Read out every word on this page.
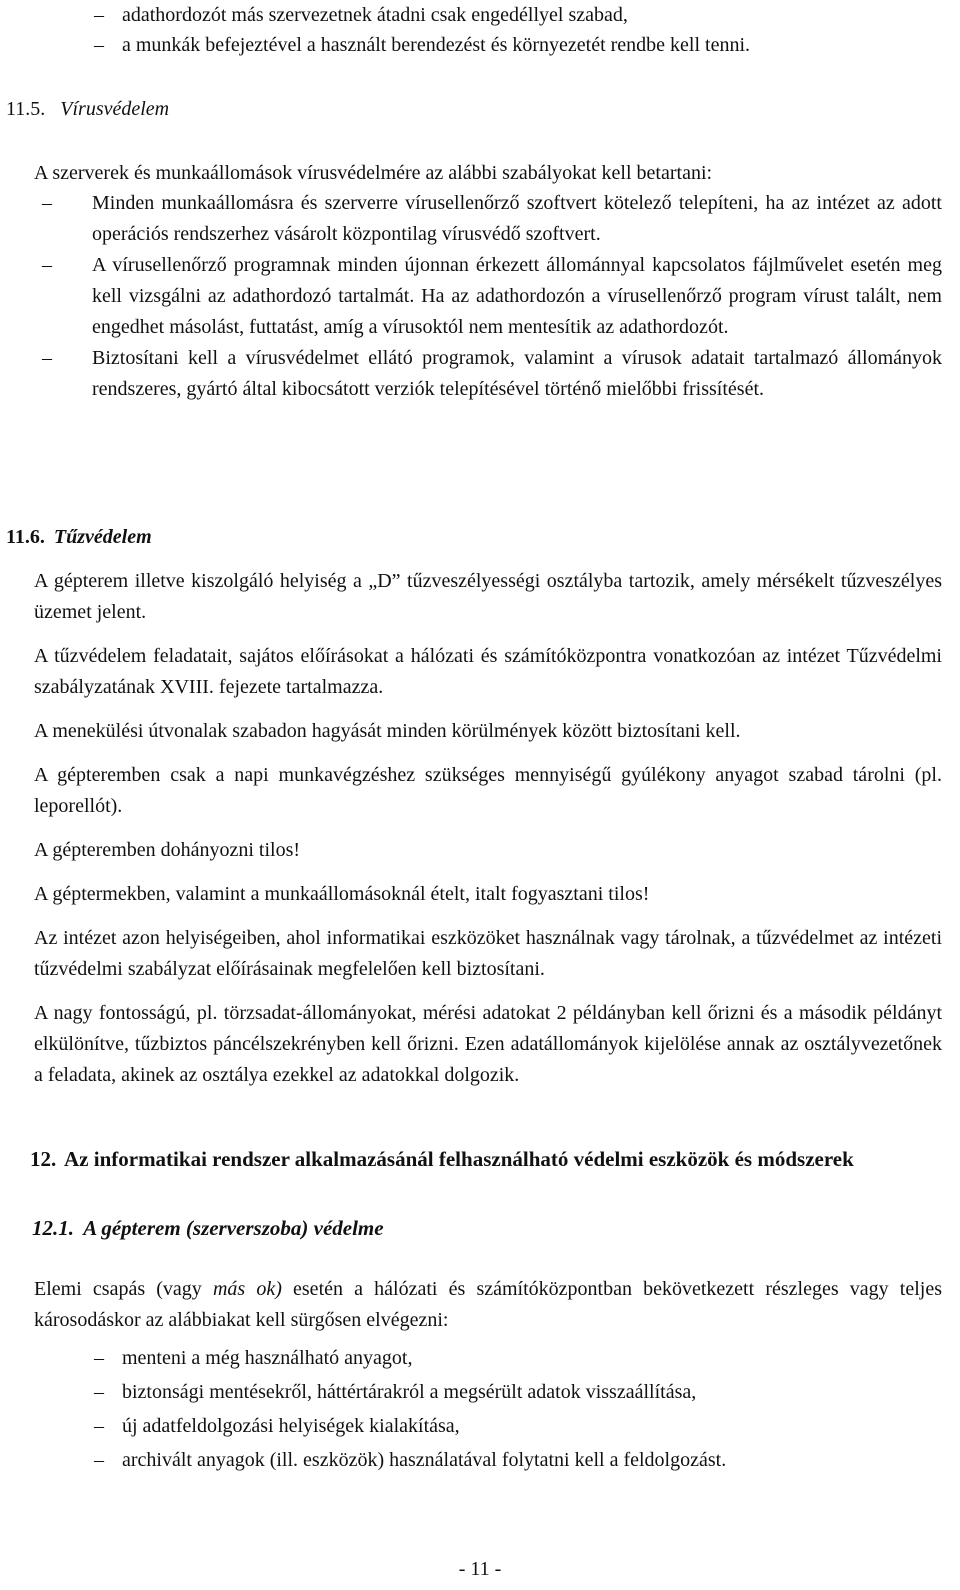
– adathordozót más szervezetnek átadni csak engedéllyel szabad,
– a munkák befejeztével a használt berendezést és környezetét rendbe kell tenni.
11.5. Vírusvédelem

A szerverek és munkaállomások vírusvédelmére az alábbi szabályokat kell betartani:

– Minden munkaállomásra és szerverre vírusellenőrző szoftvert kötelező telepíteni, ha az intézet az adott operációs rendszerhez vásárolt központilag vírusvédő szoftvert.
– A vírusellenőrző programnak minden újonnan érkezett állománnyal kapcsolatos fájlművelet esetén meg kell vizsgálni az adathordozó tartalmát. Ha az adathordozón a vírusellenőrző program vírust talált, nem engedhet másolást, futtatást, amíg a vírusoktól nem mentesítik az adathordozót.
– Biztosítani kell a vírusvédelmet ellátó programok, valamint a vírusok adatait tartalmazó állományok rendszeres, gyártó által kibocsátott verziók telepítésével történő mielőbbi frissítését.
11.6. Tűzvédelem

A gépterem illetve kiszolgáló helyiség a „D” tűzveszélyességi osztályba tartozik, amely mérsékelt tűzveszélyes üzemet jelent.

A tűzvédelem feladatait, sajátos előírásokat a hálózati és számítóközpontra vonatkozóan az intézet Tűzvédelmi szabályzatának XVIII. fejezete tartalmazza.

A menekülési útvonalak szabadon hagyását minden körülmények között biztosítani kell.

A gépteremben csak a napi munkavégzéshez szükséges mennyiségű gyúlékony anyagot szabad tárolni (pl. leporellót).

A gépteremben dohányozni tilos!

A géptermekben, valamint a munkaállomásoknál ételt, italt fogyasztani tilos!

Az intézet azon helyiségeiben, ahol informatikai eszközöket használnak vagy tárolnak, a tűzvédelmet az intézeti tűzvédelmi szabályzat előírásainak megfelelően kell biztosítani.

A nagy fontosságú, pl. törzsadat-állományokat, mérési adatokat 2 példányban kell őrizni és a második példányt elkülönítve, tűzbiztos páncélszekrényben kell őrizni. Ezen adatállományok kijelölése annak az osztályvezetőnek a feladata, akinek az osztálya ezekkel az adatokkal dolgozik.

12. Az informatikai rendszer alkalmazásánál felhasználható védelmi eszközök és módszerek
12.1. A gépterem (szerverszoba) védelme

Elemi csapás (vagy más ok) esetén a hálózati és számítóközpontban bekövetkezett részleges vagy teljes károsodáskor az alábbiakat kell sürgősen elvégezni:

– menteni a még használható anyagot,
– biztonsági mentésekről, háttértárakról a megsérült adatok visszaállítása,
– új adatfeldolgozási helyiségek kialakítása,
– archivált anyagok (ill. eszközök) használatával folytatni kell a feldolgozást.
- 11 -
